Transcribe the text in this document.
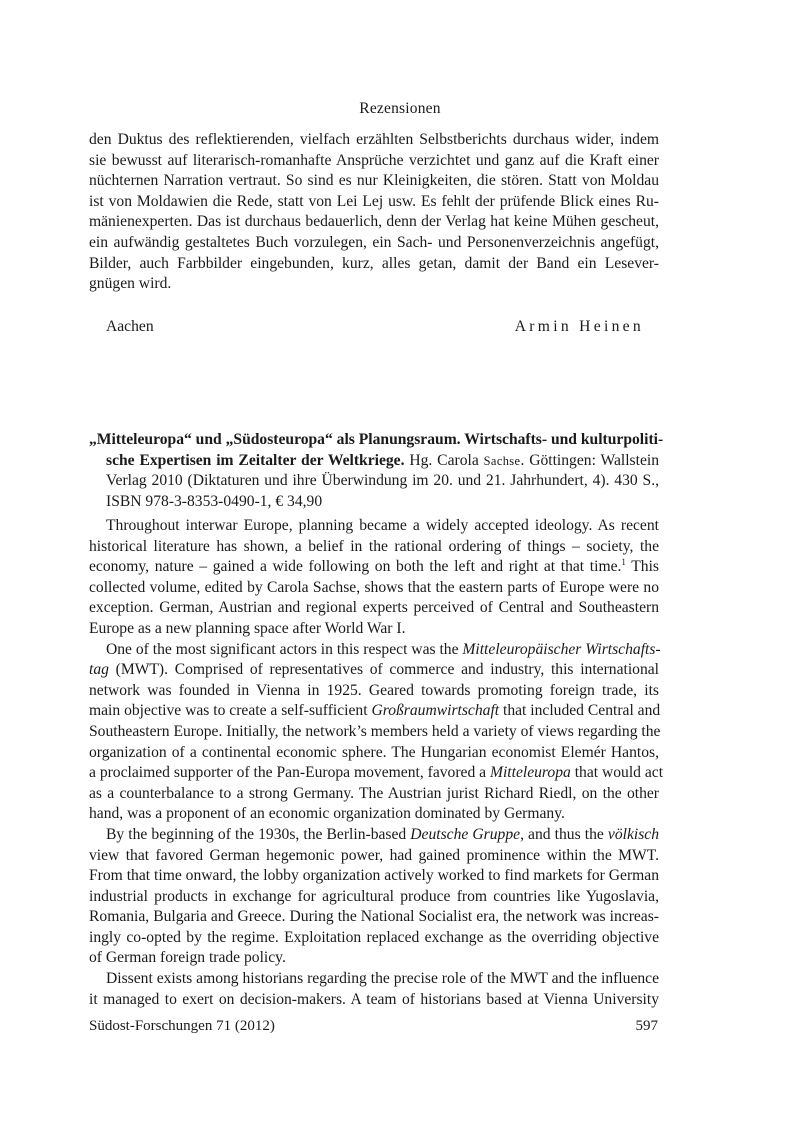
Rezensionen
den Duktus des reflektierenden, vielfach erzählten Selbstberichts durchaus wider, indem
sie bewusst auf literarisch-romanhafte Ansprüche verzichtet und ganz auf die Kraft einer
nüchternen Narration vertraut. So sind es nur Kleinigkeiten, die stören. Statt von Moldau
ist von Moldawien die Rede, statt von Lei Lej usw. Es fehlt der prüfende Blick eines Ru-
mänienexperten. Das ist durchaus bedauerlich, denn der Verlag hat keine Mühen gescheut,
ein aufwändig gestaltetes Buch vorzulegen, ein Sach- und Personenverzeichnis angefügt,
Bilder, auch Farbbilder eingebunden, kurz, alles getan, damit der Band ein Lesever-
gnügen wird.
Aachen	Armin Heinen
„Mitteleuropa“ und „Südosteuropa“ als Planungsraum. Wirtschafts- und kulturpoliti-
sche Expertisen im Zeitalter der Weltkriege. Hg. Carola Sachse. Göttingen: Wallstein
Verlag 2010 (Diktaturen und ihre Überwindung im 20. und 21. Jahrhundert, 4). 430 S.,
ISBN 978-3-8353-0490-1, € 34,90
Throughout interwar Europe, planning became a widely accepted ideology. As recent
historical literature has shown, a belief in the rational ordering of things – society, the
economy, nature – gained a wide following on both the left and right at that time.$^1$ This
collected volume, edited by Carola Sachse, shows that the eastern parts of Europe were no
exception. German, Austrian and regional experts perceived of Central and Southeastern
Europe as a new planning space after World War I.
One of the most significant actors in this respect was the Mitteleuropäischer Wirtschafts-
tag (MWT). Comprised of representatives of commerce and industry, this international
network was founded in Vienna in 1925. Geared towards promoting foreign trade, its
main objective was to create a self-sufficient Großraumwirtschaft that included Central and
Southeastern Europe. Initially, the network’s members held a variety of views regarding the
organization of a continental economic sphere. The Hungarian economist Elemér Hantos,
a proclaimed supporter of the Pan-Europa movement, favored a Mitteleuropa that would act
as a counterbalance to a strong Germany. The Austrian jurist Richard Riedl, on the other
hand, was a proponent of an economic organization dominated by Germany.
By the beginning of the 1930s, the Berlin-based Deutsche Gruppe, and thus the völkisch
view that favored German hegemonic power, had gained prominence within the MWT.
From that time onward, the lobby organization actively worked to find markets for German
industrial products in exchange for agricultural produce from countries like Yugoslavia,
Romania, Bulgaria and Greece. During the National Socialist era, the network was increas-
ingly co-opted by the regime. Exploitation replaced exchange as the overriding objective
of German foreign trade policy.
Dissent exists among historians regarding the precise role of the MWT and the influence
it managed to exert on decision-makers. A team of historians based at Vienna University
Südost-Forschungen 71 (2012)	597
